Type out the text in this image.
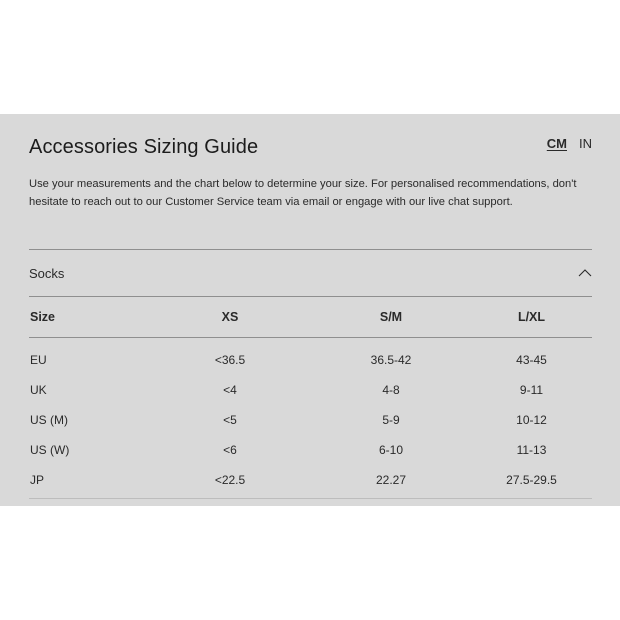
Accessories Sizing Guide	CM IN

Use your measurements and the chart below to determine your size. For personalised recommendations, don't hesitate to reach out to our Customer Service team via email or engage with our live chat support.

Socks
Size	XS	S/M	L/XL
EU	<36.5	36.5-42	43-45
UK	<4	4-8	9-11
US (M)	<5	5-9	10-12
US (W)	<6	6-10	11-13
JP	<22.5	22.27	27.5-29.5
